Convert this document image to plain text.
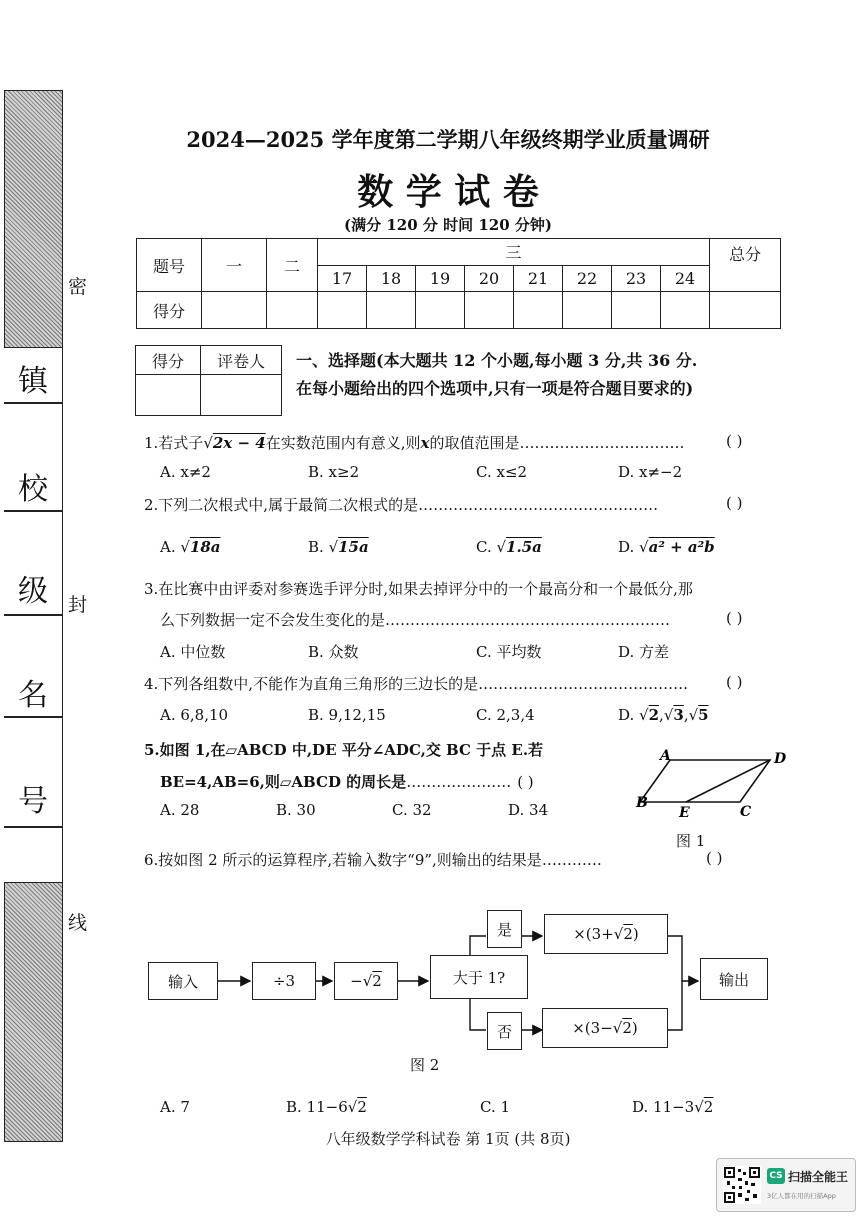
密
封
线
镇
校
级
名
号
2024—2025 学年度第二学期八年级终期学业质量调研
数 学 试 卷
(满分 120 分 时间 120 分钟)
题号	一	二	三								总分
			17	18	19	20	21	22	23	24	
得分											
得分	评卷人
	一、选择题(本大题共 12 个小题,每小题 3 分,共 36 分.
在每小题给出的四个选项中,只有一项是符合题目要求的)
1.若式子√2x − 4在实数范围内有意义,则x的取值范围是……………………………	( )
A. x≠2	B. x≥2	C. x≤2	D. x≠−2
2.下列二次根式中,属于最简二次根式的是…………………………………………	( )
A. √18a	B. √15a	C. √1.5a	D. √a² + a²b
3.在比赛中由评委对参赛选手评分时,如果去掉评分中的一个最高分和一个最低分,那
么下列数据一定不会发生变化的是…………………………………………………	( )
A. 中位数	B. 众数	C. 平均数	D. 方差
4.下列各组数中,不能作为直角三角形的三边长的是……………………………………	( )
A. 6,8,10	B. 9,12,15	C. 2,3,4	D. √2,√3,√5
5.如图 1,在▱ABCD 中,DE 平分∠ADC,交 BC 于点 E.若
BE=4,AB=6,则▱ABCD 的周长是………………… ( )
A. 28	B. 30	C. 32	D. 34
A	D
B
E	C
图 1
6.按如图 2 所示的运算程序,若输入数字“9”,则输出的结果是…………	( )
输入	÷3	− √ 2	大于 1?
是
否
×(3+ √ 2 )
×(3− √ 2 )
输出
图 2
A. 7	B. 11−6√2	C. 1	D. 11−3√2
八年级数学学科试卷 第 1页 (共 8页)
CS 扫描全能王
3亿人都在用的扫描App
